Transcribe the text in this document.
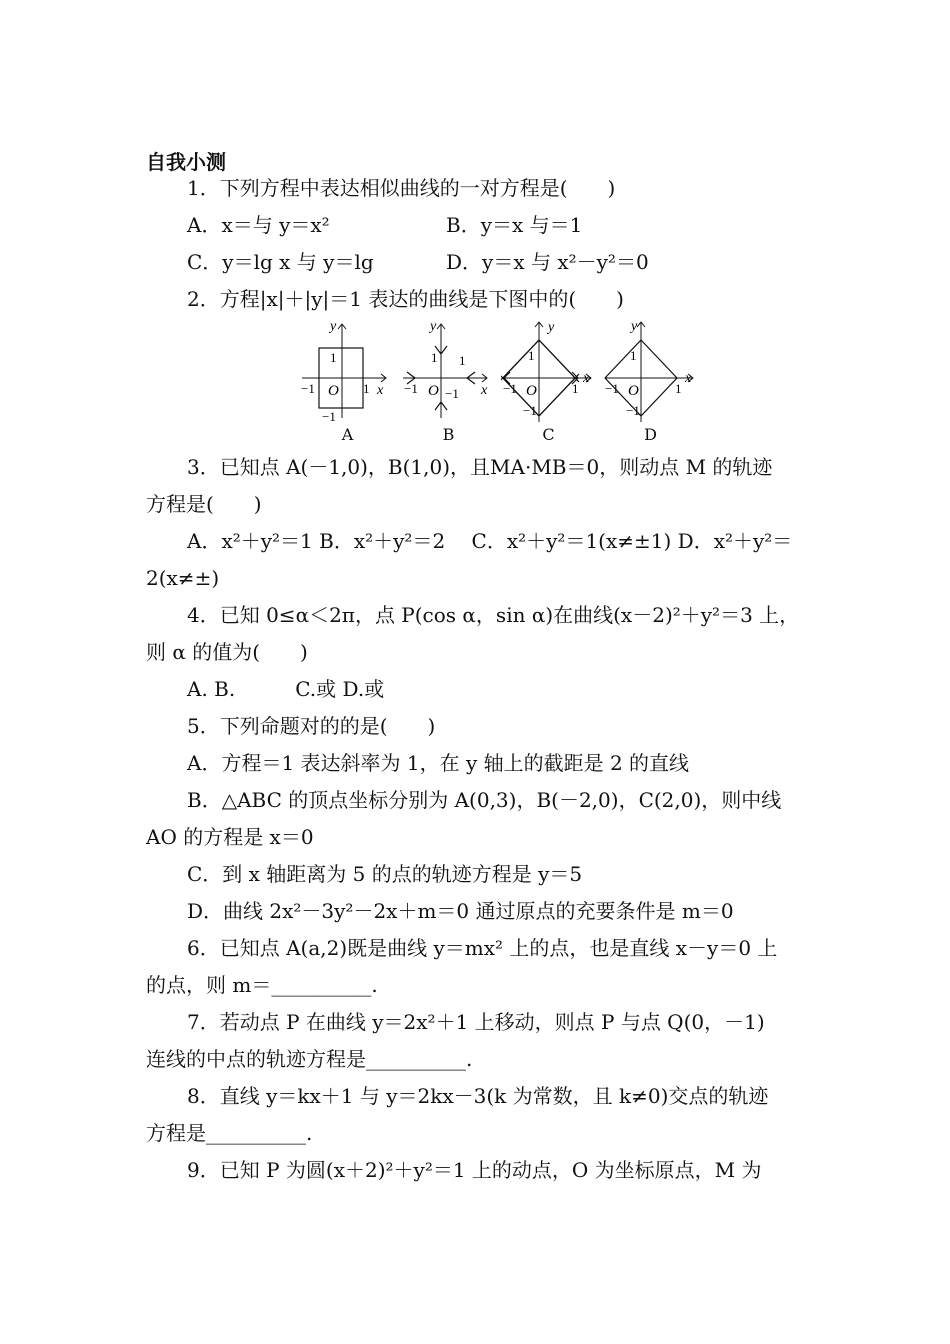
自我小测
1．下列方程中表达相似曲线的一对方程是(　　)
A．x＝与 y＝x²	B．y＝x 与＝1
C．y＝lg x 与 y＝lg	D．y＝x 与 x²－y²＝0
2．方程|x|＋|y|＝1 表达的曲线是下图中的(　　)
y
x
O
1
1
−1
−1
A
y
x
O
1 1
−1 −1
B
y
x
O
1
1
−1
−1
C
y
x
O
1
1
−1
−1
D
3．已知点 A(－1,0)，B(1,0)，且MA·MB＝0，则动点 M 的轨迹
方程是(　　)
A．x²＋y²＝1 B．x²＋y²＝2　 C．x²＋y²＝1(x≠±1) D．x²＋y²＝
2(x≠±)
4．已知 0≤α＜2π，点 P(cos α，sin α)在曲线(x－2)²＋y²＝3 上，
则 α 的值为(　　)
A. B.　　　C.或 D.或
5．下列命题对的的是(　　)
A．方程＝1 表达斜率为 1，在 y 轴上的截距是 2 的直线
B．△ABC 的顶点坐标分别为 A(0,3)，B(－2,0)，C(2,0)，则中线
AO 的方程是 x＝0
C．到 x 轴距离为 5 的点的轨迹方程是 y＝5
D．曲线 2x²－3y²－2x＋m＝0 通过原点的充要条件是 m＝0
6．已知点 A(a,2)既是曲线 y＝mx² 上的点，也是直线 x－y＝0 上
的点，则 m＝__________.
7．若动点 P 在曲线 y＝2x²＋1 上移动，则点 P 与点 Q(0，－1)
连线的中点的轨迹方程是__________.
8．直线 y＝kx＋1 与 y＝2kx－3(k 为常数，且 k≠0)交点的轨迹
方程是__________.
9．已知 P 为圆(x＋2)²＋y²＝1 上的动点，O 为坐标原点，M 为
